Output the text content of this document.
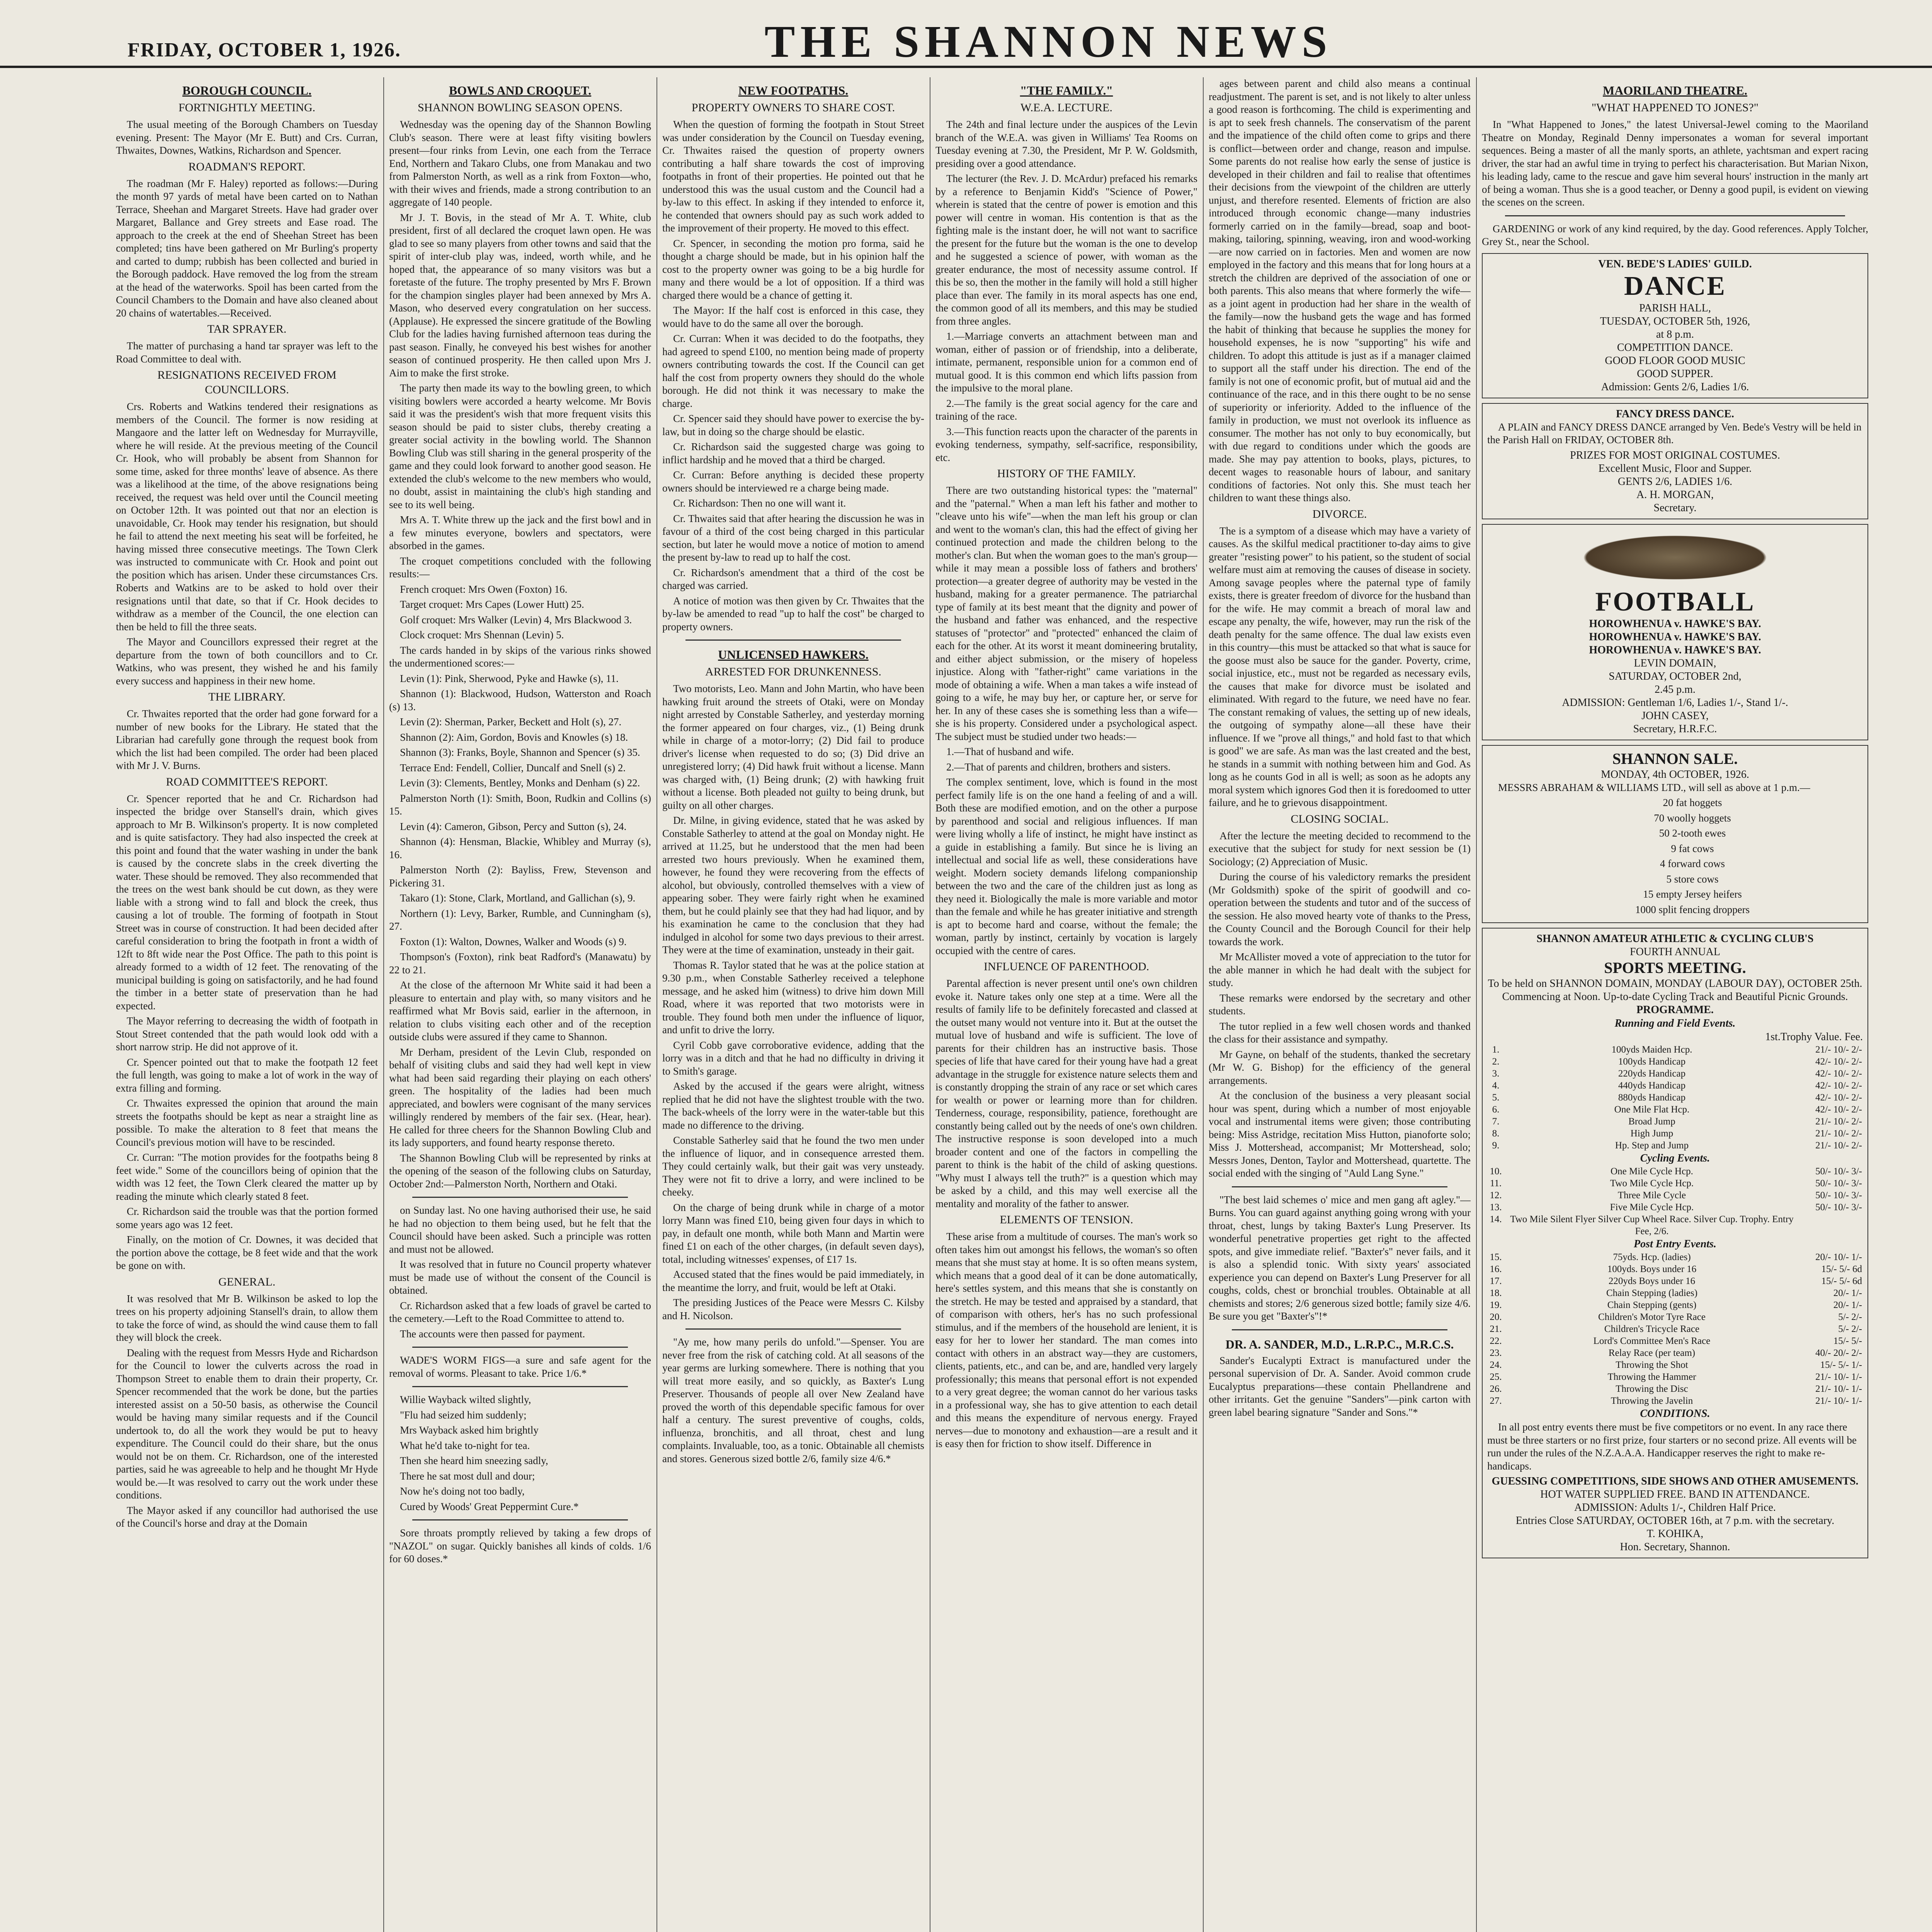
FRIDAY, OCTOBER 1, 1926.	THE SHANNON NEWS
BOROUGH COUNCIL.
FORTNIGHTLY MEETING.

The usual meeting of the Borough Chambers on Tuesday evening. Present: The Mayor (Mr E. Butt) and Crs. Curran, Thwaites, Downes, Watkins, Richardson and Spencer.

ROADMAN'S REPORT.

The roadman (Mr F. Haley) reported as follows:—During the month 97 yards of metal have been carted on to Nathan Terrace, Sheehan and Margaret Streets. Have had grader over Margaret, Ballance and Grey streets and Ease road. The approach to the creek at the end of Sheehan Street has been completed; tins have been gathered on Mr Burling's property and carted to dump; rubbish has been collected and buried in the Borough paddock. Have removed the log from the stream at the head of the waterworks. Spoil has been carted from the Council Chambers to the Domain and have also cleaned about 20 chains of watertables.—Received.

TAR SPRAYER.

The matter of purchasing a hand tar sprayer was left to the Road Committee to deal with.

RESIGNATIONS RECEIVED FROM COUNCILLORS.

Crs. Roberts and Watkins tendered their resignations as members of the Council. The former is now residing at Mangaore and the latter left on Wednesday for Murrayville, where he will reside. At the previous meeting of the Council Cr. Hook, who will probably be absent from Shannon for some time, asked for three months' leave of absence. As there was a likelihood at the time, of the above resignations being received, the request was held over until the Council meeting on October 12th. It was pointed out that nor an election is unavoidable, Cr. Hook may tender his resignation, but should he fail to attend the next meeting his seat will be forfeited, he having missed three consecutive meetings. The Town Clerk was instructed to communicate with Cr. Hook and point out the position which has arisen. Under these circumstances Crs. Roberts and Watkins are to be asked to hold over their resignations until that date, so that if Cr. Hook decides to withdraw as a member of the Council, the one election can then be held to fill the three seats.

The Mayor and Councillors expressed their regret at the departure from the town of both councillors and to Cr. Watkins, who was present, they wished he and his family every success and happiness in their new home.

THE LIBRARY.

Cr. Thwaites reported that the order had gone forward for a number of new books for the Library. He stated that the Librarian had carefully gone through the request book from which the list had been compiled. The order had been placed with Mr J. V. Burns.

ROAD COMMITTEE'S REPORT.

Cr. Spencer reported that he and Cr. Richardson had inspected the bridge over Stansell's drain, which gives approach to Mr B. Wilkinson's property. It is now completed and is quite satisfactory. They had also inspected the creek at this point and found that the water washing in under the bank is caused by the concrete slabs in the creek diverting the water. These should be removed. They also recommended that the trees on the west bank should be cut down, as they were liable with a strong wind to fall and block the creek, thus causing a lot of trouble. The forming of footpath in Stout Street was in course of construction. It had been decided after careful consideration to bring the footpath in front a width of 12ft to 8ft wide near the Post Office. The path to this point is already formed to a width of 12 feet. The renovating of the municipal building is going on satisfactorily, and he had found the timber in a better state of preservation than he had expected.

The Mayor referring to decreasing the width of footpath in Stout Street contended that the path would look odd with a short narrow strip. He did not approve of it.

Cr. Spencer pointed out that to make the footpath 12 feet the full length, was going to make a lot of work in the way of extra filling and forming.

Cr. Thwaites expressed the opinion that around the main streets the footpaths should be kept as near a straight line as possible. To make the alteration to 8 feet that means the Council's previous motion will have to be rescinded.

Cr. Curran: "The motion provides for the footpaths being 8 feet wide." Some of the councillors being of opinion that the width was 12 feet, the Town Clerk cleared the matter up by reading the minute which clearly stated 8 feet.

Cr. Richardson said the trouble was that the portion formed some years ago was 12 feet.

Finally, on the motion of Cr. Downes, it was decided that the portion above the cottage, be 8 feet wide and that the work be gone on with.

GENERAL.

It was resolved that Mr B. Wilkinson be asked to lop the trees on his property adjoining Stansell's drain, to allow them to take the force of wind, as should the wind cause them to fall they will block the creek.

Dealing with the request from Messrs Hyde and Richardson for the Council to lower the culverts across the road in Thompson Street to enable them to drain their property, Cr. Spencer recommended that the work be done, but the parties interested assist on a 50-50 basis, as otherwise the Council would be having many similar requests and if the Council undertook to, do all the work they would be put to heavy expenditure. The Council could do their share, but the onus would not be on them. Cr. Richardson, one of the interested parties, said he was agreeable to help and he thought Mr Hyde would be.—It was resolved to carry out the work under these conditions.

The Mayor asked if any councillor had authorised the use of the Council's horse and dray at the Domain

BOWLS AND CROQUET.
SHANNON BOWLING SEASON OPENS.

Wednesday was the opening day of the Shannon Bowling Club's season. There were at least fifty visiting bowlers present—four rinks from Levin, one each from the Terrace End, Northern and Takaro Clubs, one from Manakau and two from Palmerston North, as well as a rink from Foxton—who, with their wives and friends, made a strong contribution to an aggregate of 140 people.

Mr J. T. Bovis, in the stead of Mr A. T. White, club president, first of all declared the croquet lawn open. He was glad to see so many players from other towns and said that the spirit of inter-club play was, indeed, worth while, and he hoped that, the appearance of so many visitors was but a foretaste of the future. The trophy presented by Mrs F. Brown for the champion singles player had been annexed by Mrs A. Mason, who deserved every congratulation on her success. (Applause). He expressed the sincere gratitude of the Bowling Club for the ladies having furnished afternoon teas during the past season. Finally, he conveyed his best wishes for another season of continued prosperity. He then called upon Mrs J. Aim to make the first stroke.

The party then made its way to the bowling green, to which visiting bowlers were accorded a hearty welcome. Mr Bovis said it was the president's wish that more frequent visits this season should be paid to sister clubs, thereby creating a greater social activity in the bowling world. The Shannon Bowling Club was still sharing in the general prosperity of the game and they could look forward to another good season. He extended the club's welcome to the new members who would, no doubt, assist in maintaining the club's high standing and see to its well being.

Mrs A. T. White threw up the jack and the first bowl and in a few minutes everyone, bowlers and spectators, were absorbed in the games.

The croquet competitions concluded with the following results:—

French croquet: Mrs Owen (Foxton) 16.

Target croquet: Mrs Capes (Lower Hutt) 25.

Golf croquet: Mrs Walker (Levin) 4, Mrs Blackwood 3.

Clock croquet: Mrs Shennan (Levin) 5.

The cards handed in by skips of the various rinks showed the undermentioned scores:—

Levin (1): Pink, Sherwood, Pyke and Hawke (s), 11.

Shannon (1): Blackwood, Hudson, Watterston and Roach (s) 13.

Levin (2): Sherman, Parker, Beckett and Holt (s), 27.

Shannon (2): Aim, Gordon, Bovis and Knowles (s) 18.

Shannon (3): Franks, Boyle, Shannon and Spencer (s) 35.

Terrace End: Fendell, Collier, Duncalf and Snell (s) 2.

Levin (3): Clements, Bentley, Monks and Denham (s) 22.

Palmerston North (1): Smith, Boon, Rudkin and Collins (s) 15.

Levin (4): Cameron, Gibson, Percy and Sutton (s), 24.

Shannon (4): Hensman, Blackie, Whibley and Murray (s), 16.

Palmerston North (2): Bayliss, Frew, Stevenson and Pickering 31.

Takaro (1): Stone, Clark, Mortland, and Gallichan (s), 9.

Northern (1): Levy, Barker, Rumble, and Cunningham (s), 27.

Foxton (1): Walton, Downes, Walker and Woods (s) 9.

Thompson's (Foxton), rink beat Radford's (Manawatu) by 22 to 21.

At the close of the afternoon Mr White said it had been a pleasure to entertain and play with, so many visitors and he reaffirmed what Mr Bovis said, earlier in the afternoon, in relation to clubs visiting each other and of the reception outside clubs were assured if they came to Shannon.

Mr Derham, president of the Levin Club, responded on behalf of visiting clubs and said they had well kept in view what had been said regarding their playing on each others' green. The hospitality of the ladies had been much appreciated, and bowlers were cognisant of the many services willingly rendered by members of the fair sex. (Hear, hear). He called for three cheers for the Shannon Bowling Club and its lady supporters, and found hearty response thereto.

The Shannon Bowling Club will be represented by rinks at the opening of the season of the following clubs on Saturday, October 2nd:—Palmerston North, Northern and Otaki.

on Sunday last. No one having authorised their use, he said he had no objection to them being used, but he felt that the Council should have been asked. Such a principle was rotten and must not be allowed.

It was resolved that in future no Council property whatever must be made use of without the consent of the Council is obtained.

Cr. Richardson asked that a few loads of gravel be carted to the cemetery.—Left to the Road Committee to attend to.

The accounts were then passed for payment.

WADE'S WORM FIGS—a sure and safe agent for the removal of worms. Pleasant to take. Price 1/6.*

Willie Wayback wilted slightly,

"Flu had seized him suddenly;

Mrs Wayback asked him brightly

What he'd take to-night for tea.

Then she heard him sneezing sadly,

There he sat most dull and dour;

Now he's doing not too badly,

Cured by Woods' Great Peppermint Cure.*

Sore throats promptly relieved by taking a few drops of "NAZOL" on sugar. Quickly banishes all kinds of colds. 1/6 for 60 doses.*

NEW FOOTPATHS.
PROPERTY OWNERS TO SHARE COST.

When the question of forming the footpath in Stout Street was under consideration by the Council on Tuesday evening, Cr. Thwaites raised the question of property owners contributing a half share towards the cost of improving footpaths in front of their properties. He pointed out that he understood this was the usual custom and the Council had a by-law to this effect. In asking if they intended to enforce it, he contended that owners should pay as such work added to the improvement of their property. He moved to this effect.

Cr. Spencer, in seconding the motion pro forma, said he thought a charge should be made, but in his opinion half the cost to the property owner was going to be a big hurdle for many and there would be a lot of opposition. If a third was charged there would be a chance of getting it.

The Mayor: If the half cost is enforced in this case, they would have to do the same all over the borough.

Cr. Curran: When it was decided to do the footpaths, they had agreed to spend £100, no mention being made of property owners contributing towards the cost. If the Council can get half the cost from property owners they should do the whole borough. He did not think it was necessary to make the charge.

Cr. Spencer said they should have power to exercise the by-law, but in doing so the charge should be elastic.

Cr. Richardson said the suggested charge was going to inflict hardship and he moved that a third be charged.

Cr. Curran: Before anything is decided these property owners should be interviewed re a charge being made.

Cr. Richardson: Then no one will want it.

Cr. Thwaites said that after hearing the discussion he was in favour of a third of the cost being charged in this particular section, but later he would move a notice of motion to amend the present by-law to read up to half the cost.

Cr. Richardson's amendment that a third of the cost be charged was carried.

A notice of motion was then given by Cr. Thwaites that the by-law be amended to read "up to half the cost" be charged to property owners.

UNLICENSED HAWKERS.
ARRESTED FOR DRUNKENNESS.

Two motorists, Leo. Mann and John Martin, who have been hawking fruit around the streets of Otaki, were on Monday night arrested by Constable Satherley, and yesterday morning the former appeared on four charges, viz., (1) Being drunk while in charge of a motor-lorry; (2) Did fail to produce driver's license when requested to do so; (3) Did drive an unregistered lorry; (4) Did hawk fruit without a license. Mann was charged with, (1) Being drunk; (2) with hawking fruit without a license. Both pleaded not guilty to being drunk, but guilty on all other charges.

Dr. Milne, in giving evidence, stated that he was asked by Constable Satherley to attend at the goal on Monday night. He arrived at 11.25, but he understood that the men had been arrested two hours previously. When he examined them, however, he found they were recovering from the effects of alcohol, but obviously, controlled themselves with a view of appearing sober. They were fairly right when he examined them, but he could plainly see that they had had liquor, and by his examination he came to the conclusion that they had indulged in alcohol for some two days previous to their arrest. They were at the time of examination, unsteady in their gait.

Thomas R. Taylor stated that he was at the police station at 9.30 p.m., when Constable Satherley received a telephone message, and he asked him (witness) to drive him down Mill Road, where it was reported that two motorists were in trouble. They found both men under the influence of liquor, and unfit to drive the lorry.

Cyril Cobb gave corroborative evidence, adding that the lorry was in a ditch and that he had no difficulty in driving it to Smith's garage.

Asked by the accused if the gears were alright, witness replied that he did not have the slightest trouble with the two. The back-wheels of the lorry were in the water-table but this made no difference to the driving.

Constable Satherley said that he found the two men under the influence of liquor, and in consequence arrested them. They could certainly walk, but their gait was very unsteady. They were not fit to drive a lorry, and were inclined to be cheeky.

On the charge of being drunk while in charge of a motor lorry Mann was fined £10, being given four days in which to pay, in default one month, while both Mann and Martin were fined £1 on each of the other charges, (in default seven days), total, including witnesses' expenses, of £17 1s.

Accused stated that the fines would be paid immediately, in the meantime the lorry, and fruit, would be left at Otaki.

The presiding Justices of the Peace were Messrs C. Kilsby and H. Nicolson.

"Ay me, how many perils do unfold."—Spenser. You are never free from the risk of catching cold. At all seasons of the year germs are lurking somewhere. There is nothing that you will treat more easily, and so quickly, as Baxter's Lung Preserver. Thousands of people all over New Zealand have proved the worth of this dependable specific famous for over half a century. The surest preventive of coughs, colds, influenza, bronchitis, and all throat, chest and lung complaints. Invaluable, too, as a tonic. Obtainable all chemists and stores. Generous sized bottle 2/6, family size 4/6.*

"THE FAMILY."
W.E.A. LECTURE.

The 24th and final lecture under the auspices of the Levin branch of the W.E.A. was given in Williams' Tea Rooms on Tuesday evening at 7.30, the President, Mr P. W. Goldsmith, presiding over a good attendance.

The lecturer (the Rev. J. D. McArdur) prefaced his remarks by a reference to Benjamin Kidd's "Science of Power," wherein is stated that the centre of power is emotion and this power will centre in woman. His contention is that as the fighting male is the instant doer, he will not want to sacrifice the present for the future but the woman is the one to develop and he suggested a science of power, with woman as the greater endurance, the most of necessity assume control. If this be so, then the mother in the family will hold a still higher place than ever. The family in its moral aspects has one end, the common good of all its members, and this may be studied from three angles.

1.—Marriage converts an attachment between man and woman, either of passion or of friendship, into a deliberate, intimate, permanent, responsible union for a common end of mutual good. It is this common end which lifts passion from the impulsive to the moral plane.

2.—The family is the great social agency for the care and training of the race.

3.—This function reacts upon the character of the parents in evoking tenderness, sympathy, self-sacrifice, responsibility, etc.

HISTORY OF THE FAMILY.

There are two outstanding historical types: the "maternal" and the "paternal." When a man left his father and mother to "cleave unto his wife"—when the man left his group or clan and went to the woman's clan, this had the effect of giving her continued protection and made the children belong to the mother's clan. But when the woman goes to the man's group—while it may mean a possible loss of fathers and brothers' protection—a greater degree of authority may be vested in the husband, making for a greater permanence. The patriarchal type of family at its best meant that the dignity and power of the husband and father was enhanced, and the respective statuses of "protector" and "protected" enhanced the claim of each for the other. At its worst it meant domineering brutality, and either abject submission, or the misery of hopeless injustice. Along with "father-right" came variations in the mode of obtaining a wife. When a man takes a wife instead of going to a wife, he may buy her, or capture her, or serve for her. In any of these cases she is something less than a wife—she is his property. Considered under a psychological aspect. The subject must be studied under two heads:—

1.—That of husband and wife.

2.—That of parents and children, brothers and sisters.

The complex sentiment, love, which is found in the most perfect family life is on the one hand a feeling of and a will. Both these are modified emotion, and on the other a purpose by parenthood and social and religious influences. If man were living wholly a life of instinct, he might have instinct as a guide in establishing a family. But since he is living an intellectual and social life as well, these considerations have weight. Modern society demands lifelong companionship between the two and the care of the children just as long as they need it. Biologically the male is more variable and motor than the female and while he has greater initiative and strength is apt to become hard and coarse, without the female; the woman, partly by instinct, certainly by vocation is largely occupied with the centre of cares.

INFLUENCE OF PARENTHOOD.

Parental affection is never present until one's own children evoke it. Nature takes only one step at a time. Were all the results of family life to be definitely forecasted and classed at the outset many would not venture into it. But at the outset the mutual love of husband and wife is sufficient. The love of parents for their children has an instructive basis. Those species of life that have cared for their young have had a great advantage in the struggle for existence nature selects them and is constantly dropping the strain of any race or set which cares for wealth or power or learning more than for children. Tenderness, courage, responsibility, patience, forethought are constantly being called out by the needs of one's own children. The instructive response is soon developed into a much broader content and one of the factors in compelling the parent to think is the habit of the child of asking questions. "Why must I always tell the truth?" is a question which may be asked by a child, and this may well exercise all the mentality and morality of the father to answer.

ELEMENTS OF TENSION.

These arise from a multitude of courses. The man's work so often takes him out amongst his fellows, the woman's so often means that she must stay at home. It is so often means system, which means that a good deal of it can be done automatically, here's settles system, and this means that she is constantly on the stretch. He may be tested and appraised by a standard, that of comparison with others, her's has no such professional stimulus, and if the members of the household are lenient, it is easy for her to lower her standard. The man comes into contact with others in an abstract way—they are customers, clients, patients, etc., and can be, and are, handled very largely professionally; this means that personal effort is not expended to a very great degree; the woman cannot do her various tasks in a professional way, she has to give attention to each detail and this means the expenditure of nervous energy. Frayed nerves—due to monotony and exhaustion—are a result and it is easy then for friction to show itself. Difference in

ages between parent and child also means a continual readjustment. The parent is set, and is not likely to alter unless a good reason is forthcoming. The child is experimenting and is apt to seek fresh channels. The conservatism of the parent and the impatience of the child often come to grips and there is conflict—between order and change, reason and impulse. Some parents do not realise how early the sense of justice is developed in their children and fail to realise that oftentimes their decisions from the viewpoint of the children are utterly unjust, and therefore resented. Elements of friction are also introduced through economic change—many industries formerly carried on in the family—bread, soap and boot-making, tailoring, spinning, weaving, iron and wood-working—are now carried on in factories. Men and women are now employed in the factory and this means that for long hours at a stretch the children are deprived of the association of one or both parents. This also means that where formerly the wife—as a joint agent in production had her share in the wealth of the family—now the husband gets the wage and has formed the habit of thinking that because he supplies the money for household expenses, he is now "supporting" his wife and children. To adopt this attitude is just as if a manager claimed to support all the staff under his direction. The end of the family is not one of economic profit, but of mutual aid and the continuance of the race, and in this there ought to be no sense of superiority or inferiority. Added to the influence of the family in production, we must not overlook its influence as consumer. The mother has not only to buy economically, but with due regard to conditions under which the goods are made. She may pay attention to books, plays, pictures, to decent wages to reasonable hours of labour, and sanitary conditions of factories. Not only this. She must teach her children to want these things also.

DIVORCE.

The is a symptom of a disease which may have a variety of causes. As the skilful medical practitioner to-day aims to give greater "resisting power" to his patient, so the student of social welfare must aim at removing the causes of disease in society. Among savage peoples where the paternal type of family exists, there is greater freedom of divorce for the husband than for the wife. He may commit a breach of moral law and escape any penalty, the wife, however, may run the risk of the death penalty for the same offence. The dual law exists even in this country—this must be attacked so that what is sauce for the goose must also be sauce for the gander. Poverty, crime, social injustice, etc., must not be regarded as necessary evils, the causes that make for divorce must be isolated and eliminated. With regard to the future, we need have no fear. The constant remaking of values, the setting up of new ideals, the outgoing of sympathy alone—all these have their influence. If we "prove all things," and hold fast to that which is good" we are safe. As man was the last created and the best, he stands in a summit with nothing between him and God. As long as he counts God in all is well; as soon as he adopts any moral system which ignores God then it is foredoomed to utter failure, and he to grievous disappointment.

CLOSING SOCIAL.

After the lecture the meeting decided to recommend to the executive that the subject for study for next session be (1) Sociology; (2) Appreciation of Music.

During the course of his valedictory remarks the president (Mr Goldsmith) spoke of the spirit of goodwill and co-operation between the students and tutor and of the success of the session. He also moved hearty vote of thanks to the Press, the County Council and the Borough Council for their help towards the work.

Mr McAllister moved a vote of appreciation to the tutor for the able manner in which he had dealt with the subject for study.

These remarks were endorsed by the secretary and other students.

The tutor replied in a few well chosen words and thanked the class for their assistance and sympathy.

Mr Gayne, on behalf of the students, thanked the secretary (Mr W. G. Bishop) for the efficiency of the general arrangements.

At the conclusion of the business a very pleasant social hour was spent, during which a number of most enjoyable vocal and instrumental items were given; those contributing being: Miss Astridge, recitation Miss Hutton, pianoforte solo; Miss J. Mottershead, accompanist; Mr Mottershead, solo; Messrs Jones, Denton, Taylor and Mottershead, quartette. The social ended with the singing of "Auld Lang Syne."

"The best laid schemes o' mice and men gang aft agley."—Burns. You can guard against anything going wrong with your throat, chest, lungs by taking Baxter's Lung Preserver. Its wonderful penetrative properties get right to the affected spots, and give immediate relief. "Baxter's" never fails, and it is also a splendid tonic. With sixty years' associated experience you can depend on Baxter's Lung Preserver for all coughs, colds, chest or bronchial troubles. Obtainable at all chemists and stores; 2/6 generous sized bottle; family size 4/6. Be sure you get "Baxter's"!*

DR. A. SANDER, M.D., L.R.P.C., M.R.C.S.

Sander's Eucalypti Extract is manufactured under the personal supervision of Dr. A. Sander. Avoid common crude Eucalyptus preparations—these contain Phellandrene and other irritants. Get the genuine "Sanders"—pink carton with green label bearing signature "Sander and Sons."*

MAORILAND THEATRE.
"WHAT HAPPENED TO JONES?"

In "What Happened to Jones," the latest Universal-Jewel coming to the Maoriland Theatre on Monday, Reginald Denny impersonates a woman for several important sequences. Being a master of all the manly sports, an athlete, yachtsman and expert racing driver, the star had an awful time in trying to perfect his characterisation. But Marian Nixon, his leading lady, came to the rescue and gave him several hours' instruction in the manly art of being a woman. Thus she is a good teacher, or Denny a good pupil, is evident on viewing the scenes on the screen.

GARDENING or work of any kind required, by the day. Good references. Apply Tolcher, Grey St., near the School.

VEN. BEDE'S LADIES' GUILD.
DANCE
PARISH HALL,
TUESDAY, OCTOBER 5th, 1926,
at 8 p.m.
COMPETITION DANCE.
GOOD FLOOR GOOD MUSIC
GOOD SUPPER.
Admission: Gents 2/6, Ladies 1/6.
FANCY DRESS DANCE.

A PLAIN and FANCY DRESS DANCE arranged by Ven. Bede's Vestry will be held in the Parish Hall on FRIDAY, OCTOBER 8th.

PRIZES FOR MOST ORIGINAL COSTUMES.
Excellent Music, Floor and Supper.
GENTS 2/6, LADIES 1/6.
A. H. MORGAN,
Secretary.
FOOTBALL
HOROWHENUA v. HAWKE'S BAY.
HOROWHENUA v. HAWKE'S BAY.
HOROWHENUA v. HAWKE'S BAY.
LEVIN DOMAIN,
SATURDAY, OCTOBER 2nd,
2.45 p.m.
ADMISSION: Gentleman 1/6, Ladies 1/-, Stand 1/-.
JOHN CASEY,
Secretary, H.R.F.C.
SHANNON SALE.
MONDAY, 4th OCTOBER, 1926.

MESSRS ABRAHAM & WILLIAMS LTD., will sell as above at 1 p.m.—

20 fat hoggets

70 woolly hoggets

50 2-tooth ewes

9 fat cows

4 forward cows

5 store cows

15 empty Jersey heifers

1000 split fencing droppers

SHANNON AMATEUR ATHLETIC & CYCLING CLUB'S
FOURTH ANNUAL
SPORTS MEETING.
To be held on SHANNON DOMAIN, MONDAY (LABOUR DAY), OCTOBER 25th.
Commencing at Noon. Up-to-date Cycling Track and Beautiful Picnic Grounds.
PROGRAMME.
Running and Field Events.
1st.Trophy Value. Fee.
1.	100yds Maiden Hcp.	21/- 10/- 2/-
2.	100yds Handicap	42/- 10/- 2/-
3.	220yds Handicap	42/- 10/- 2/-
4.	440yds Handicap	42/- 10/- 2/-
5.	880yds Handicap	42/- 10/- 2/-
6.	One Mile Flat Hcp.	42/- 10/- 2/-
7.	Broad Jump	21/- 10/- 2/-
8.	High Jump	21/- 10/- 2/-
9.	Hp. Step and Jump	21/- 10/- 2/-
Cycling Events.
10.	One Mile Cycle Hcp.	50/- 10/- 3/-
11.	Two Mile Cycle Hcp.	50/- 10/- 3/-
12.	Three Mile Cycle	50/- 10/- 3/-
13.	Five Mile Cycle Hcp.	50/- 10/- 3/-
14.	Two Mile Silent Flyer Silver Cup Wheel Race. Silver Cup. Trophy. Entry Fee, 2/6.	
Post Entry Events.
15.	75yds. Hcp. (ladies)	20/- 10/- 1/-
16.	100yds. Boys under 16	15/- 5/- 6d
17.	220yds Boys under 16	15/- 5/- 6d
18.	Chain Stepping (ladies)	20/- 1/-
19.	Chain Stepping (gents)	20/- 1/-
20.	Children's Motor Tyre Race	5/- 2/-
21.	Children's Tricycle Race	5/- 2/-
22.	Lord's Committee Men's Race	15/- 5/-
23.	Relay Race (per team)	40/- 20/- 2/-
24.	Throwing the Shot	15/- 5/- 1/-
25.	Throwing the Hammer	21/- 10/- 1/-
26.	Throwing the Disc	21/- 10/- 1/-
27.	Throwing the Javelin	21/- 10/- 1/-
CONDITIONS.

In all post entry events there must be five competitors or no event. In any race there must be three starters or no first prize, four starters or no second prize. All events will be run under the rules of the N.Z.A.A.A. Handicapper reserves the right to make re-handicaps.

GUESSING COMPETITIONS, SIDE SHOWS AND OTHER AMUSEMENTS.
HOT WATER SUPPLIED FREE. BAND IN ATTENDANCE.
ADMISSION: Adults 1/-, Children Half Price.
Entries Close SATURDAY, OCTOBER 16th, at 7 p.m. with the secretary.
T. KOHIKA,
Hon. Secretary, Shannon.
